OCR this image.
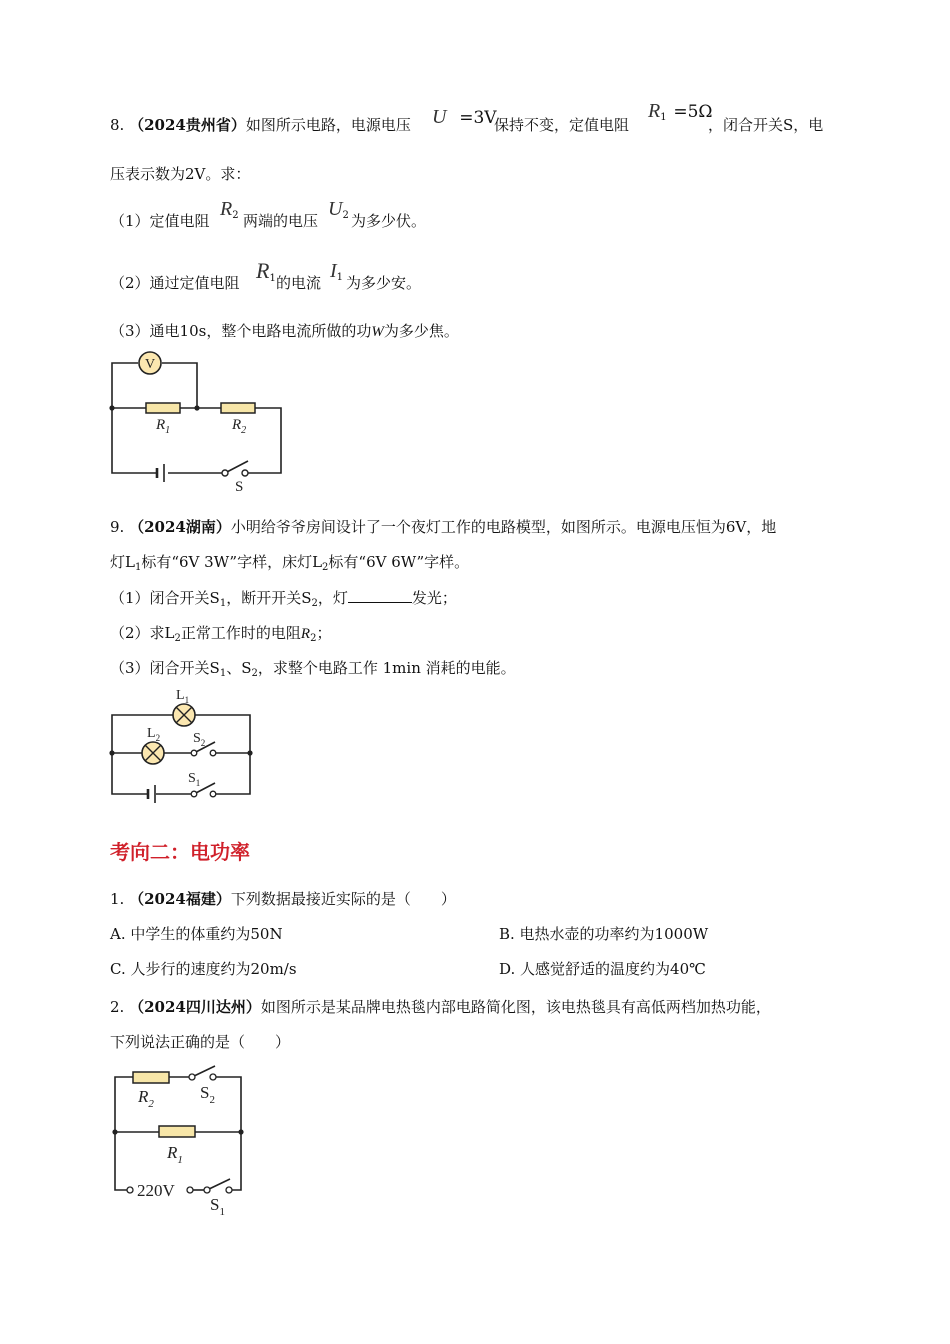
8. （2024贵州省）如图所示电路，电源电压 U =3V
保持不变，定值电阻
$R_1 =5\Omega$
，闭合开关S，电
压表示数为2V。求：
（1）定值电阻
$R_2$ 两端的电压
$U_2$ 为多少伏。
（2）通过定值电阻 $R_1$ 的电流
$I_1$ 为多少安。
（3）通电10s，整个电路电流所做的功W为多少焦。
V
$R_1$	$R_2$
S
9. （2024湖南）小明给爷爷房间设计了一个夜灯工作的电路模型，如图所示。电源电压恒为6V，地
灯$L_1$标有“6V 3W”字样，床灯$L_2$标有“6V 6W”字样。
（1）闭合开关$S_1$，断开开关$S_2$，灯	发光；
（2）求$L_2$正常工作时的电阻$R_2$；
（3）闭合开关$S_1$、$S_2$，求整个电路工作 1min 消耗的电能。
$L_1$
$L_2$ $S_2$
$S_1$
考向二：电功率
1. （2024福建）下列数据最接近实际的是（　　）
A. 中学生的体重约为50N	B. 电热水壶的功率约为1000W
C. 人步行的速度约为20m/s	D. 人感觉舒适的温度约为40℃
2. （2024四川达州）如图所示是某品牌电热毯内部电路简化图，该电热毯具有高低两档加热功能，
下列说法正确的是（　　）
$R_2$
$S_2$
$R_1$
220V
$S_1$
